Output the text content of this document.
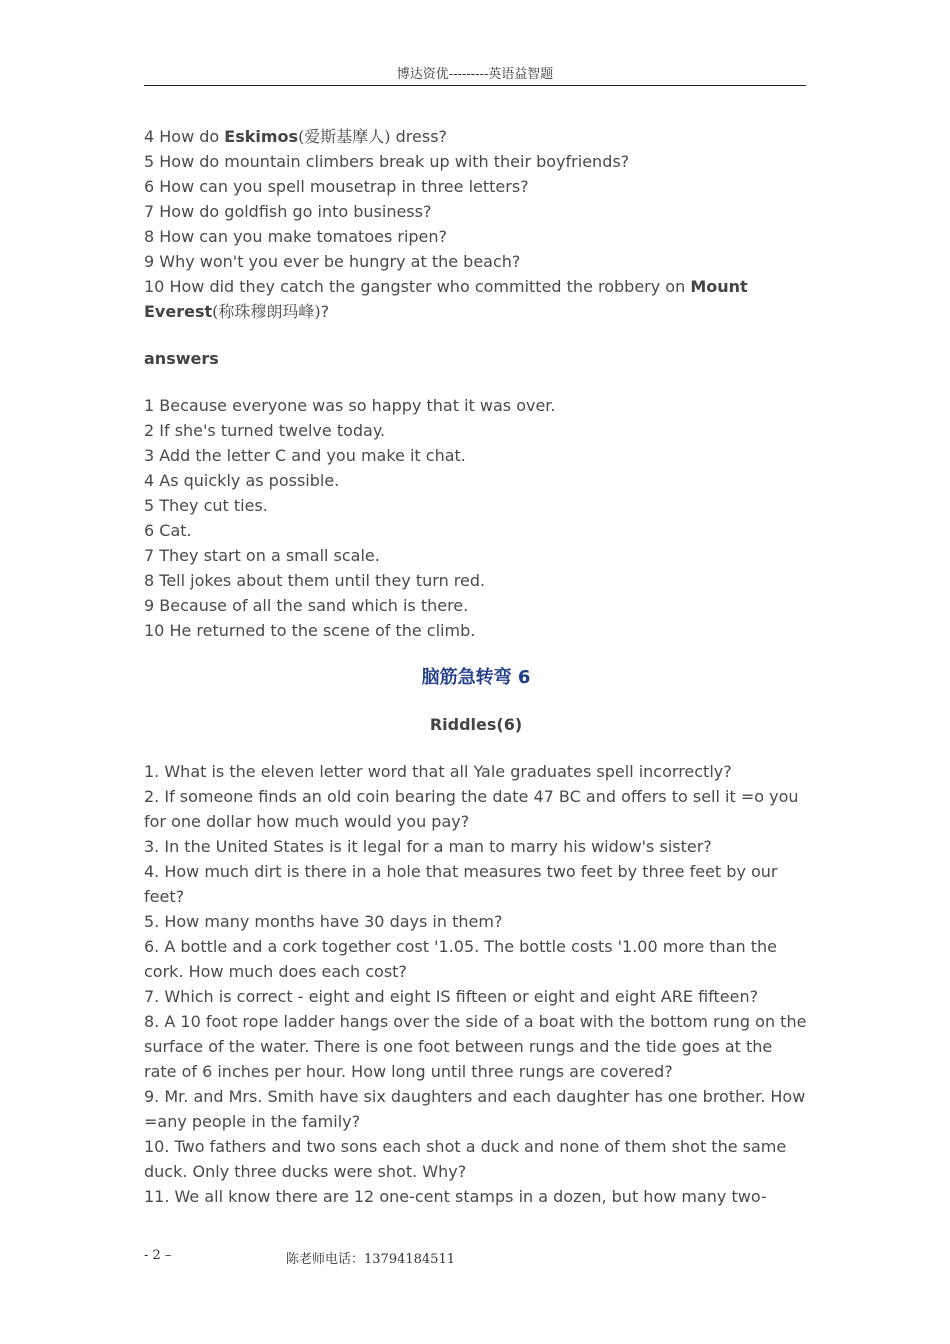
博达资优---------英语益智题

4 How do Eskimos(爱斯基摩人) dress?

5 How do mountain climbers break up with their boyfriends?

6 How can you spell mousetrap in three letters?

7 How do goldfish go into business?

8 How can you make tomatoes ripen?

9 Why won't you ever be hungry at the beach?

10 How did they catch the gangster who committed the robbery on Mount Everest(称珠穆朗玛峰)?

answers

1 Because everyone was so happy that it was over.

2 If she's turned twelve today.

3 Add the letter C and you make it chat.

4 As quickly as possible.

5 They cut ties.

6 Cat.

7 They start on a small scale.

8 Tell jokes about them until they turn red.

9 Because of all the sand which is there.

10 He returned to the scene of the climb.

脑筋急转弯 6

Riddles(6)

1. What is the eleven letter word that all Yale graduates spell incorrectly?

2. If someone finds an old coin bearing the date 47 BC and offers to sell it =o you for one dollar how much would you pay?

3. In the United States is it legal for a man to marry his widow's sister?

4. How much dirt is there in a hole that measures two feet by three feet by our feet?

5. How many months have 30 days in them?

6. A bottle and a cork together cost '1.05. The bottle costs '1.00 more than the cork. How much does each cost?

7. Which is correct - eight and eight IS fifteen or eight and eight ARE fifteen?

8. A 10 foot rope ladder hangs over the side of a boat with the bottom rung on the surface of the water. There is one foot between rungs and the tide goes at the rate of 6 inches per hour. How long until three rungs are covered?

9. Mr. and Mrs. Smith have six daughters and each daughter has one brother. How =any people in the family?

10. Two fathers and two sons each shot a duck and none of them shot the same duck. Only three ducks were shot. Why?

11. We all know there are 12 one-cent stamps in a dozen, but how many two-

- 2 –	陈老师电话：13794184511
